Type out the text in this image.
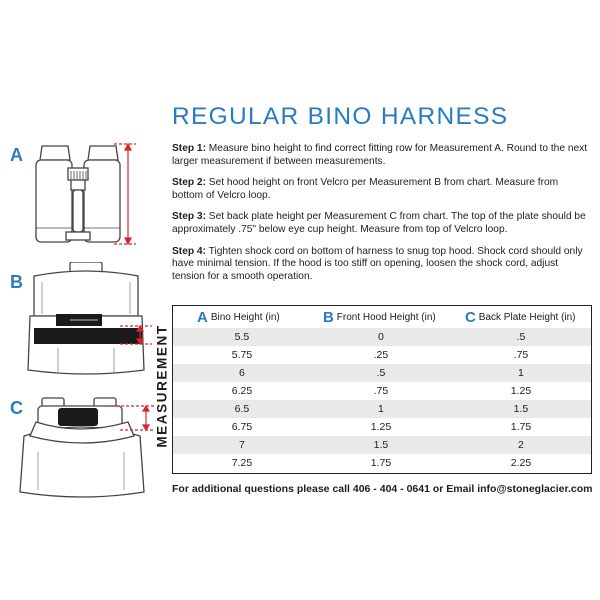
REGULAR BINO HARNESS
Step 1: Measure bino height to find correct fitting row for Measurement A. Round to the next larger measurement if between measurements.
Step 2: Set hood height on front Velcro per Measurement B from chart. Measure from bottom of Velcro loop.
Step 3: Set back plate height per Measurement C from chart. The top of the plate should be approximately .75" below eye cup height. Measure from top of Velcro loop.
Step 4: Tighten shock cord on bottom of harness to snug top hood. Shock cord should only have minimal tension. If the hood is too stiff on opening, loosen the shock cord, adjust tension for a smooth operation.
A
B
C	MEASUREMENT
A Bino Height (in)	B Front Hood Height (in)	C Back Plate Height (in)
5.5	0	.5
5.75	.25	.75
6	.5	1
6.25	.75	1.25
6.5	1	1.5
6.75	1.25	1.75
7	1.5	2
7.25	1.75	2.25
For additional questions please call 406 - 404 - 0641 or Email info@stoneglacier.com
